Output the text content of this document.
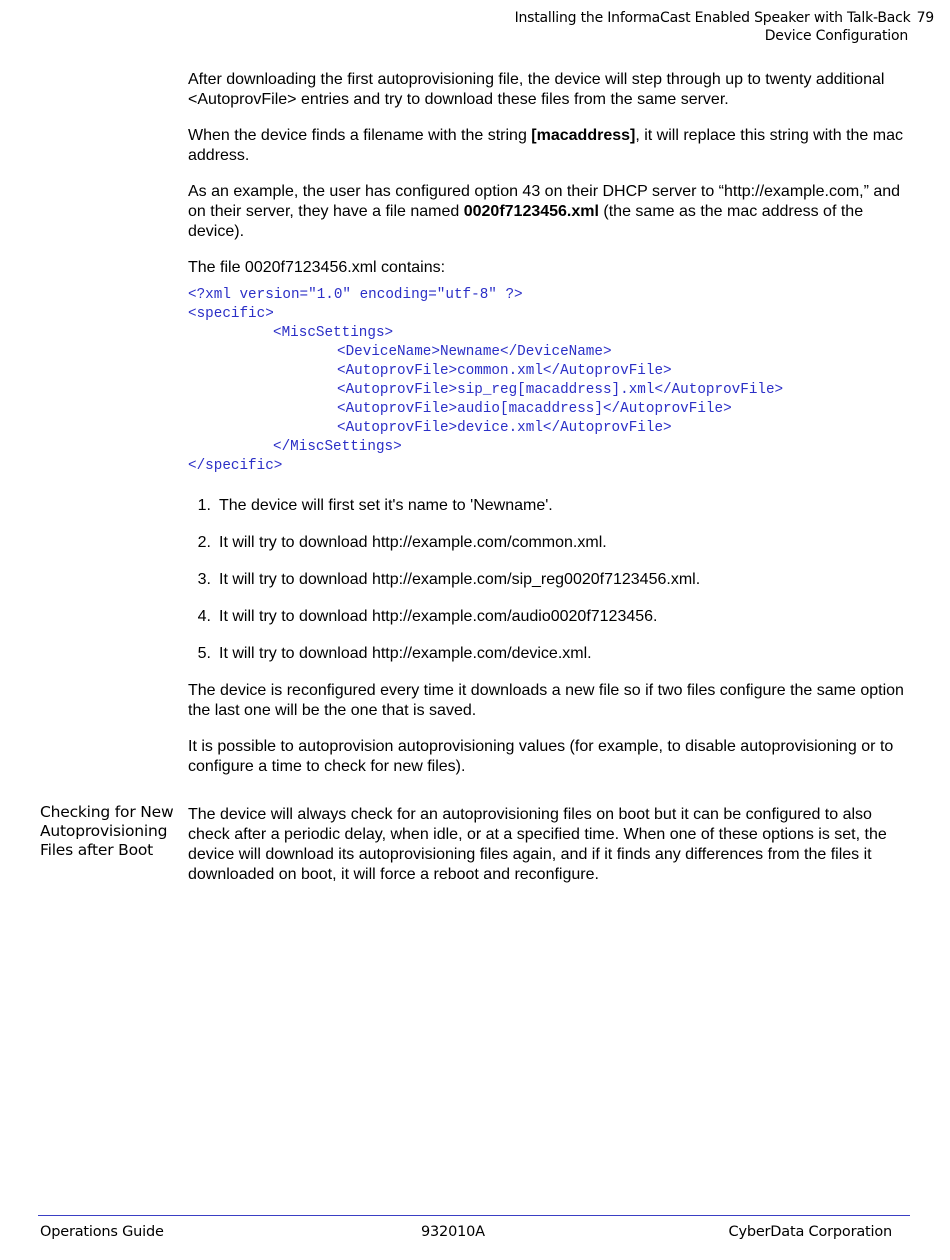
Installing the InformaCast Enabled Speaker with Talk-Back 79
Device Configuration

After downloading the first autoprovisioning file, the device will step through up to twenty additional <AutoprovFile> entries and try to download these files from the same server.

When the device finds a filename with the string [macaddress], it will replace this string with the mac address.

As an example, the user has configured option 43 on their DHCP server to “http://example.com,” and on their server, they have a file named 0020f7123456.xml (the same as the mac address of the device).

The file 0020f7123456.xml contains:

<?xml version="1.0" encoding="utf-8" ?>
<specific>
<MiscSettings>
<DeviceName>Newname</DeviceName>
<AutoprovFile>common.xml</AutoprovFile>
<AutoprovFile>sip_reg[macaddress].xml</AutoprovFile>
<AutoprovFile>audio[macaddress]</AutoprovFile>
<AutoprovFile>device.xml</AutoprovFile>
</MiscSettings>
</specific>
1. The device will first set it's name to 'Newname'.
2. It will try to download http://example.com/common.xml.
3. It will try to download http://example.com/sip_reg0020f7123456.xml.
4. It will try to download http://example.com/audio0020f7123456.
5. It will try to download http://example.com/device.xml.

The device is reconfigured every time it downloads a new file so if two files configure the same option the last one will be the one that is saved.

It is possible to autoprovision autoprovisioning values (for example, to disable autoprovisioning or to configure a time to check for new files).

Checking for New
Autoprovisioning
Files after Boot

The device will always check for an autoprovisioning files on boot but it can be configured to also check after a periodic delay, when idle, or at a specified time. When one of these options is set, the device will download its autoprovisioning files again, and if it finds any differences from the files it downloaded on boot, it will force a reboot and reconfigure.

Operations Guide	932010A	CyberData Corporation
